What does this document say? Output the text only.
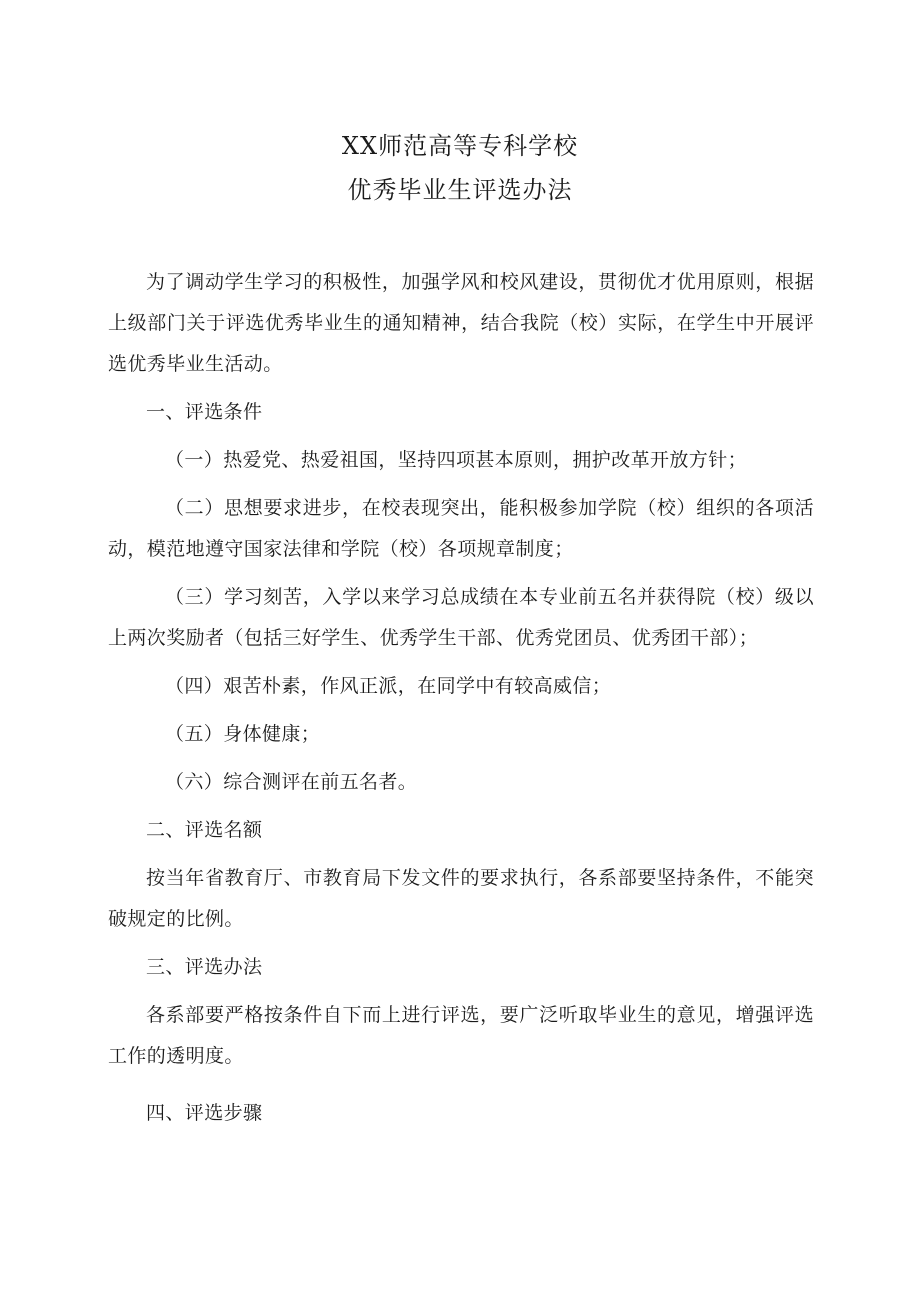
XX师范高等专科学校
优秀毕业生评选办法

为了调动学生学习的积极性，加强学风和校风建设，贯彻优才优用原则，根据上级部门关于评选优秀毕业生的通知精神，结合我院（校）实际，在学生中开展评选优秀毕业生活动。

一、评选条件

（一）热爱党、热爱祖国，坚持四项甚本原则，拥护改革开放方针；

（二）思想要求进步，在校表现突出，能积极参加学院（校）组织的各项活动，模范地遵守国家法律和学院（校）各项规章制度；

（三）学习刻苦，入学以来学习总成绩在本专业前五名并获得院（校）级以上两次奖励者（包括三好学生、优秀学生干部、优秀党团员、优秀团干部）；

（四）艰苦朴素，作风正派，在同学中有较高威信；

（五）身体健康；

（六）综合测评在前五名者。

二、评选名额

按当年省教育厅、市教育局下发文件的要求执行，各系部要坚持条件，不能突破规定的比例。

三、评选办法

各系部要严格按条件自下而上进行评选，要广泛听取毕业生的意见，增强评选工作的透明度。

四、评选步骤
